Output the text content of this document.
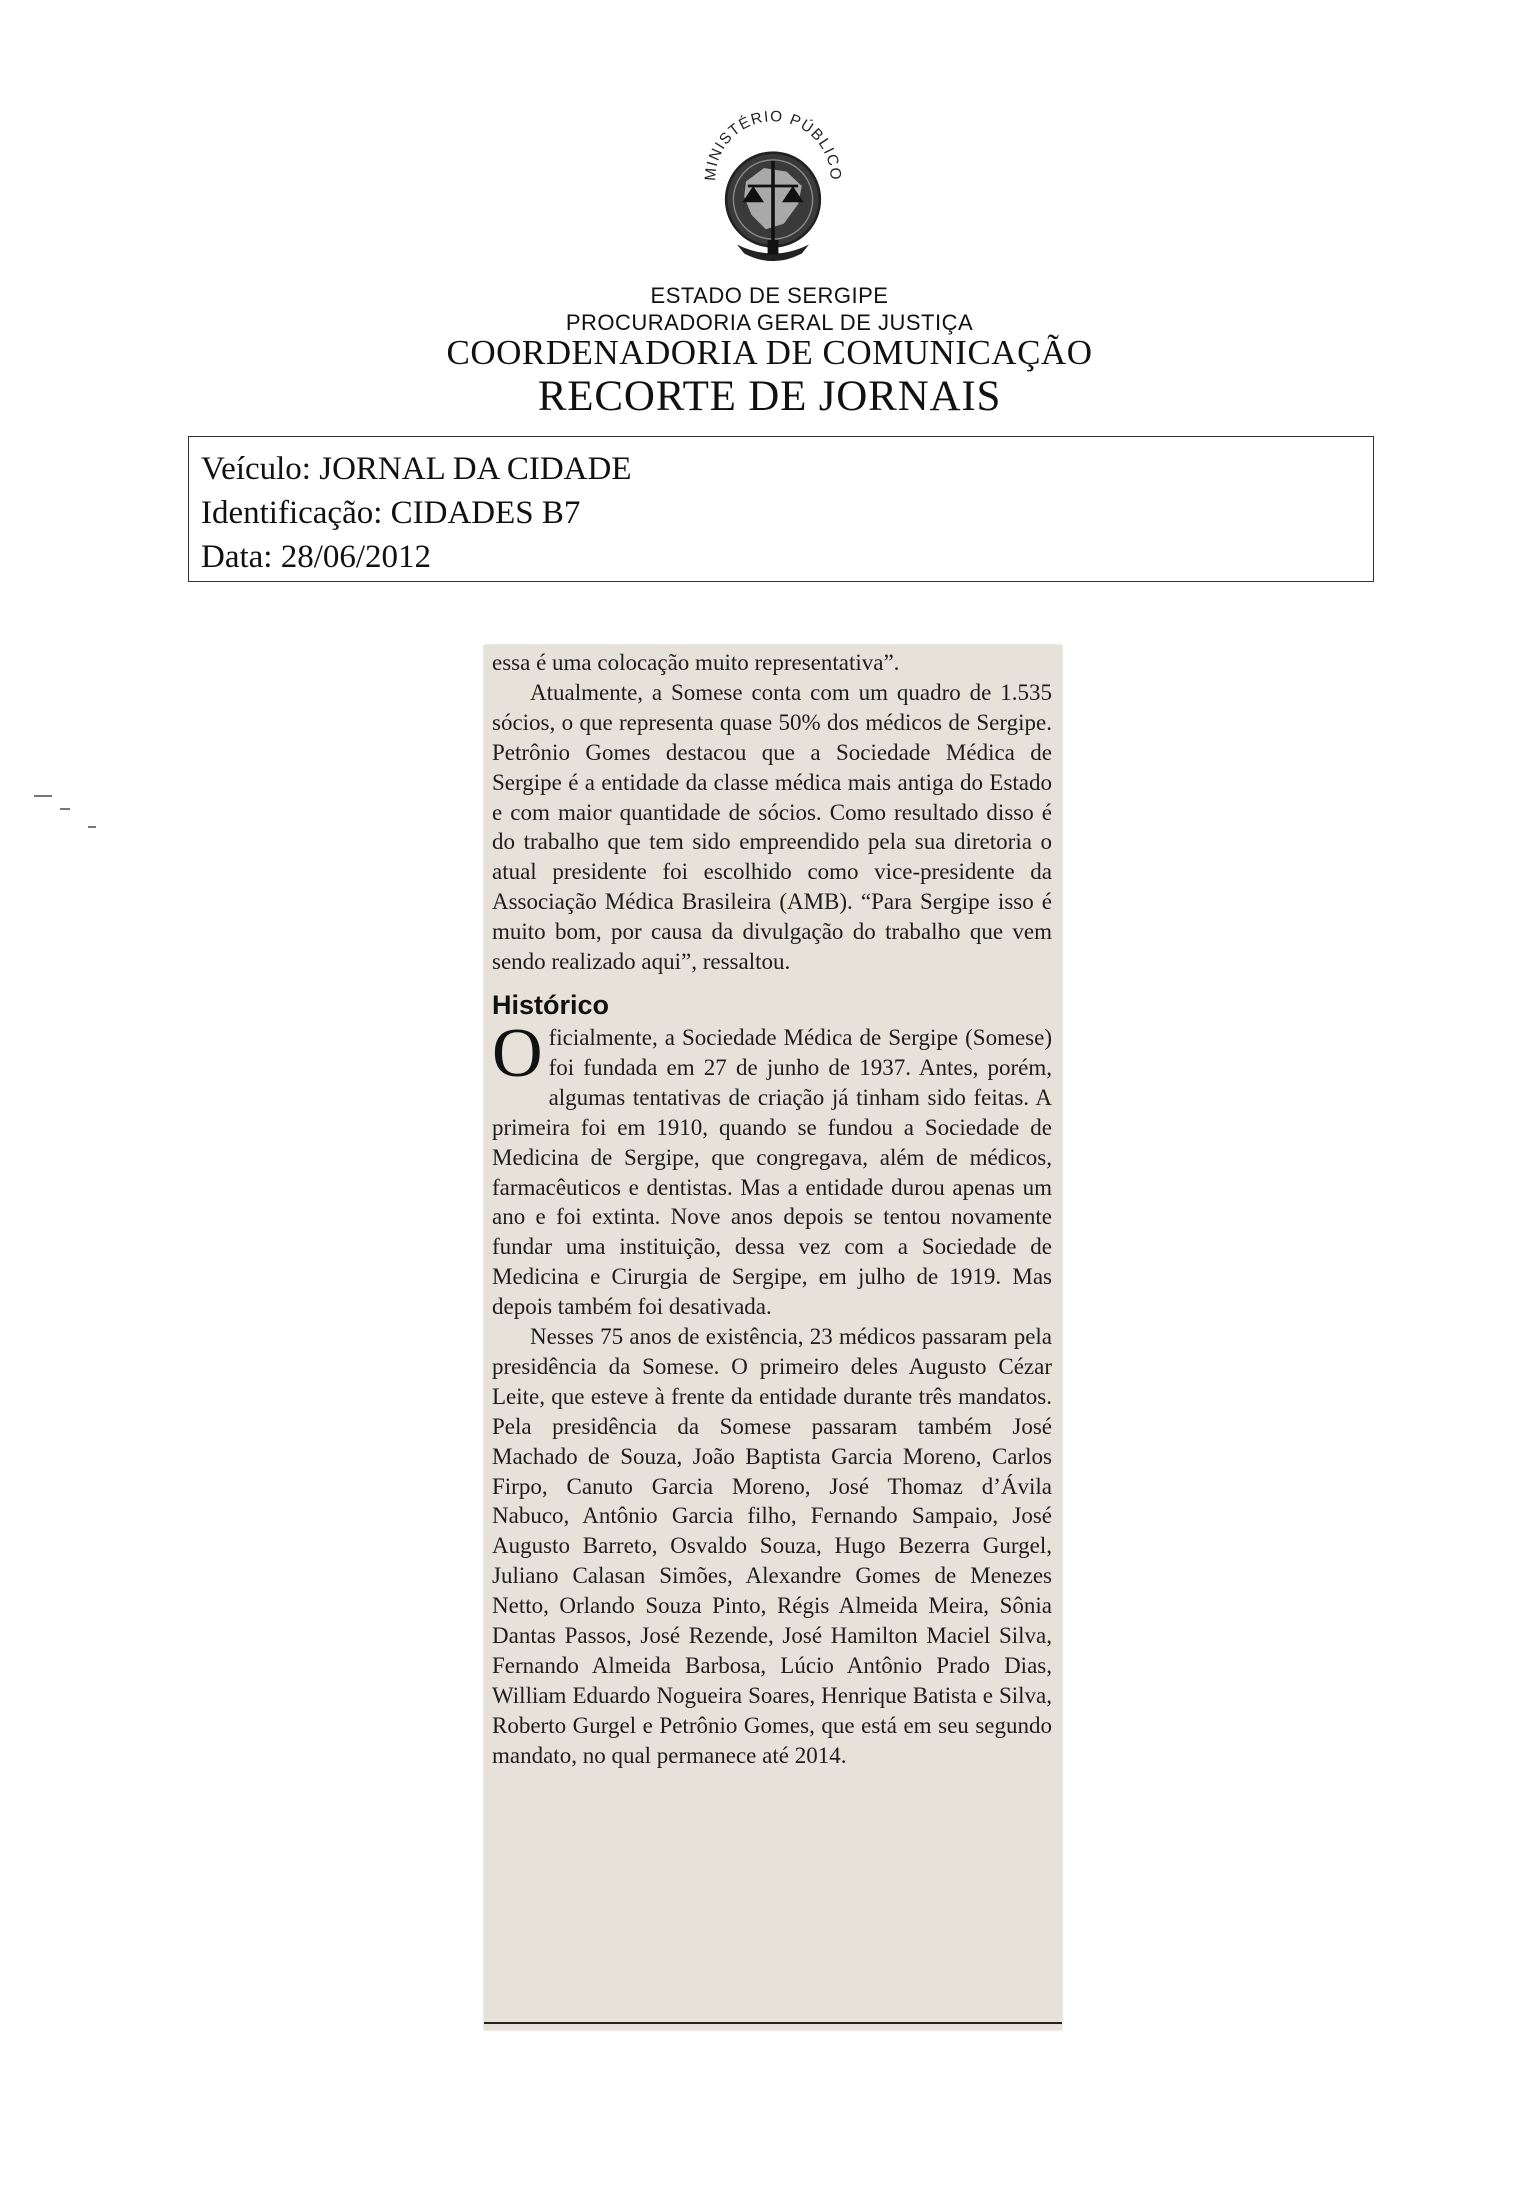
MINISTÉRIO PÚBLICO

ESTADO DE SERGIPE

PROCURADORIA GERAL DE JUSTIÇA

COORDENADORIA DE COMUNICAÇÃO

RECORTE DE JORNAIS

Veículo: JORNAL DA CIDADE
Identificação: CIDADES B7
Data: 28/06/2012

essa é uma colocação muito representativa”.

Atualmente, a Somese conta com um quadro de 1.535 sócios, o que representa quase 50% dos médicos de Sergipe. Petrônio Gomes destacou que a Sociedade Médica de Sergipe é a entidade da classe médica mais antiga do Estado e com maior quantidade de sócios. Como resultado disso é do trabalho que tem sido empreendido pela sua diretoria o atual presidente foi escolhido como vice-presidente da Associação Médica Brasileira (AMB). “Para Sergipe isso é muito bom, por causa da divulgação do trabalho que vem sendo realizado aqui”, ressaltou.

Histórico

Oficialmente, a Sociedade Médica de Sergipe (Somese) foi fundada em 27 de junho de 1937. Antes, porém, algumas tentativas de criação já tinham sido feitas. A primeira foi em 1910, quando se fundou a Sociedade de Medicina de Sergipe, que congregava, além de médicos, farmacêuticos e dentistas. Mas a entidade durou apenas um ano e foi extinta. Nove anos depois se tentou novamente fundar uma instituição, dessa vez com a Sociedade de Medicina e Cirurgia de Sergipe, em julho de 1919. Mas depois também foi desativada.

Nesses 75 anos de existência, 23 médicos passaram pela presidência da Somese. O primeiro deles Augusto Cézar Leite, que esteve à frente da entidade durante três mandatos. Pela presidência da Somese passaram também José Machado de Souza, João Baptista Garcia Moreno, Carlos Firpo, Canuto Garcia Moreno, José Thomaz d’Ávila Nabuco, Antônio Garcia filho, Fernando Sampaio, José Augusto Barreto, Osvaldo Souza, Hugo Bezerra Gurgel, Juliano Calasan Simões, Alexandre Gomes de Menezes Netto, Orlando Souza Pinto, Régis Almeida Meira, Sônia Dantas Passos, José Rezende, José Hamilton Maciel Silva, Fernando Almeida Barbosa, Lúcio Antônio Prado Dias, William Eduardo Nogueira Soares, Henrique Batista e Silva, Roberto Gurgel e Petrônio Gomes, que está em seu segundo mandato, no qual permanece até 2014.
